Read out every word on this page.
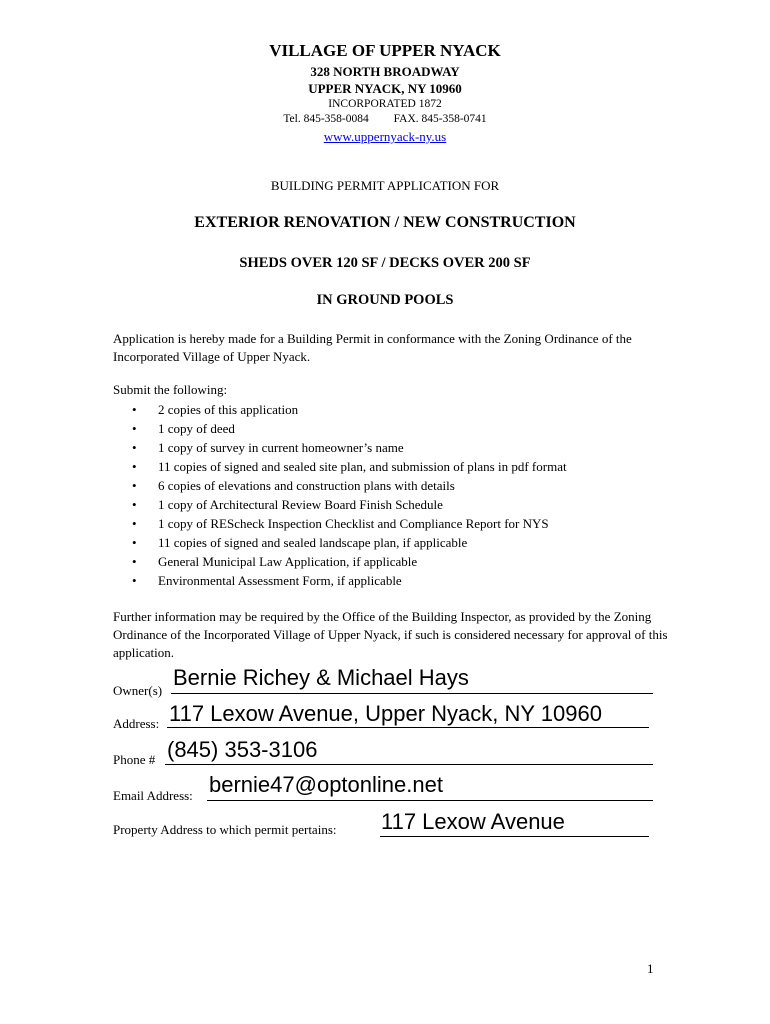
VILLAGE OF UPPER NYACK
328 NORTH BROADWAY
UPPER NYACK, NY 10960
INCORPORATED 1872
Tel. 845-358-0084 FAX. 845-358-0741
www.uppernyack-ny.us
BUILDING PERMIT APPLICATION FOR
EXTERIOR RENOVATION / NEW CONSTRUCTION
SHEDS OVER 120 SF / DECKS OVER 200 SF
IN GROUND POOLS
Application is hereby made for a Building Permit in conformance with the Zoning Ordinance of the Incorporated Village of Upper Nyack.
Submit the following:
• 2 copies of this application
• 1 copy of deed
• 1 copy of survey in current homeowner’s name
• 11 copies of signed and sealed site plan, and submission of plans in pdf format
• 6 copies of elevations and construction plans with details
• 1 copy of Architectural Review Board Finish Schedule
• 1 copy of REScheck Inspection Checklist and Compliance Report for NYS
• 11 copies of signed and sealed landscape plan, if applicable
• General Municipal Law Application, if applicable
• Environmental Assessment Form, if applicable
Further information may be required by the Office of the Building Inspector, as provided by the Zoning Ordinance of the Incorporated Village of Upper Nyack, if such is considered necessary for approval of this application.
Owner(s)
Bernie Richey & Michael Hays
Address: 117 Lexow Avenue, Upper Nyack, NY 10960
Phone # (845) 353-3106
Email Address: bernie47@optonline.net
Property Address to which permit pertains: 117 Lexow Avenue
1
